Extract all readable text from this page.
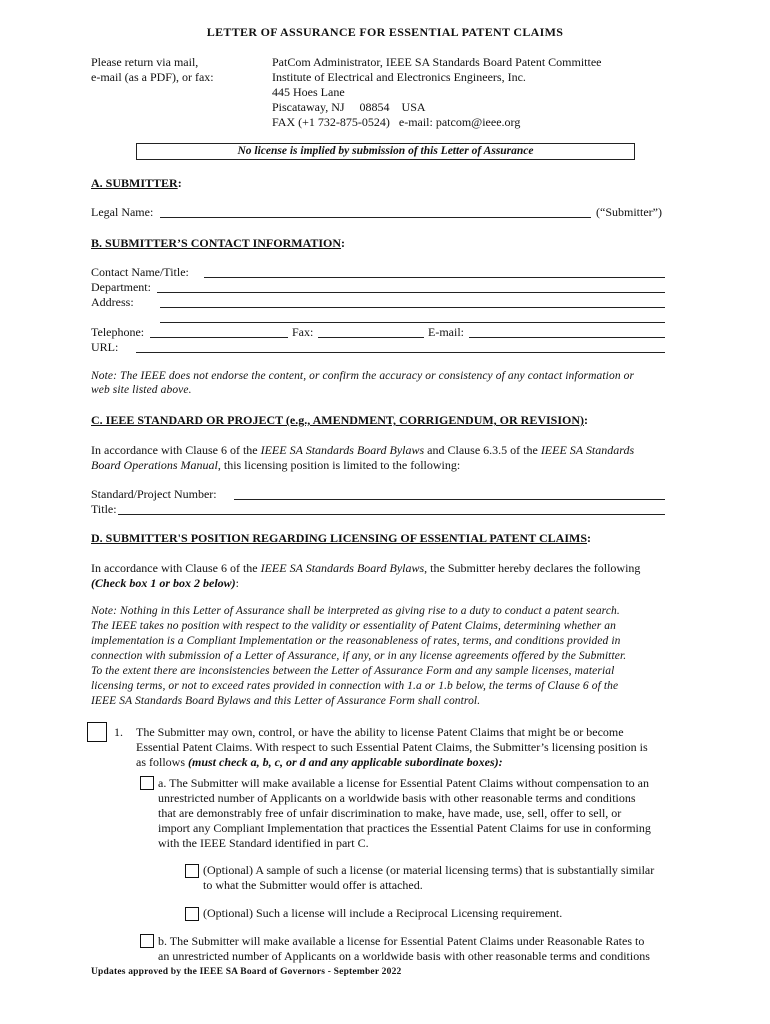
LETTER OF ASSURANCE FOR ESSENTIAL PATENT CLAIMS
Please return via mail,
e-mail (as a PDF), or fax:
PatCom Administrator, IEEE SA Standards Board Patent Committee
Institute of Electrical and Electronics Engineers, Inc.
445 Hoes Lane
Piscataway, NJ     08854    USA
FAX (+1 732-875-0524)   e-mail: patcom@ieee.org
No license is implied by submission of this Letter of Assurance
A. SUBMITTER:
Legal Name:	(“Submitter”)
B. SUBMITTER’S CONTACT INFORMATION:
Contact Name/Title:
Department:
Address:
Telephone:	Fax:	E-mail:
URL:
Note: The IEEE does not endorse the content, or confirm the accuracy or consistency of any contact information or
web site listed above.
C. IEEE STANDARD OR PROJECT (e.g., AMENDMENT, CORRIGENDUM, OR REVISION):
In accordance with Clause 6 of the IEEE SA Standards Board Bylaws and Clause 6.3.5 of the IEEE SA Standards
Board Operations Manual, this licensing position is limited to the following:
Standard/Project Number:
Title:
D. SUBMITTER'S POSITION REGARDING LICENSING OF ESSENTIAL PATENT CLAIMS:
In accordance with Clause 6 of the IEEE SA Standards Board Bylaws, the Submitter hereby declares the following
(Check box 1 or box 2 below):
Note: Nothing in this Letter of Assurance shall be interpreted as giving rise to a duty to conduct a patent search.
The IEEE takes no position with respect to the validity or essentiality of Patent Claims, determining whether an
implementation is a Compliant Implementation or the reasonableness of rates, terms, and conditions provided in
connection with submission of a Letter of Assurance, if any, or in any license agreements offered by the Submitter.
To the extent there are inconsistencies between the Letter of Assurance Form and any sample licenses, material
licensing terms, or not to exceed rates provided in connection with 1.a or 1.b below, the terms of Clause 6 of the
IEEE SA Standards Board Bylaws and this Letter of Assurance Form shall control.
1. The Submitter may own, control, or have the ability to license Patent Claims that might be or become
Essential Patent Claims. With respect to such Essential Patent Claims, the Submitter’s licensing position is
as follows (must check a, b, c, or d and any applicable subordinate boxes):
a. The Submitter will make available a license for Essential Patent Claims without compensation to an
unrestricted number of Applicants on a worldwide basis with other reasonable terms and conditions
that are demonstrably free of unfair discrimination to make, have made, use, sell, offer to sell, or
import any Compliant Implementation that practices the Essential Patent Claims for use in conforming
with the IEEE Standard identified in part C.
(Optional) A sample of such a license (or material licensing terms) that is substantially similar
to what the Submitter would offer is attached.
(Optional) Such a license will include a Reciprocal Licensing requirement.
b. The Submitter will make available a license for Essential Patent Claims under Reasonable Rates to
an unrestricted number of Applicants on a worldwide basis with other reasonable terms and conditions
Updates approved by the IEEE SA Board of Governors - September 2022
